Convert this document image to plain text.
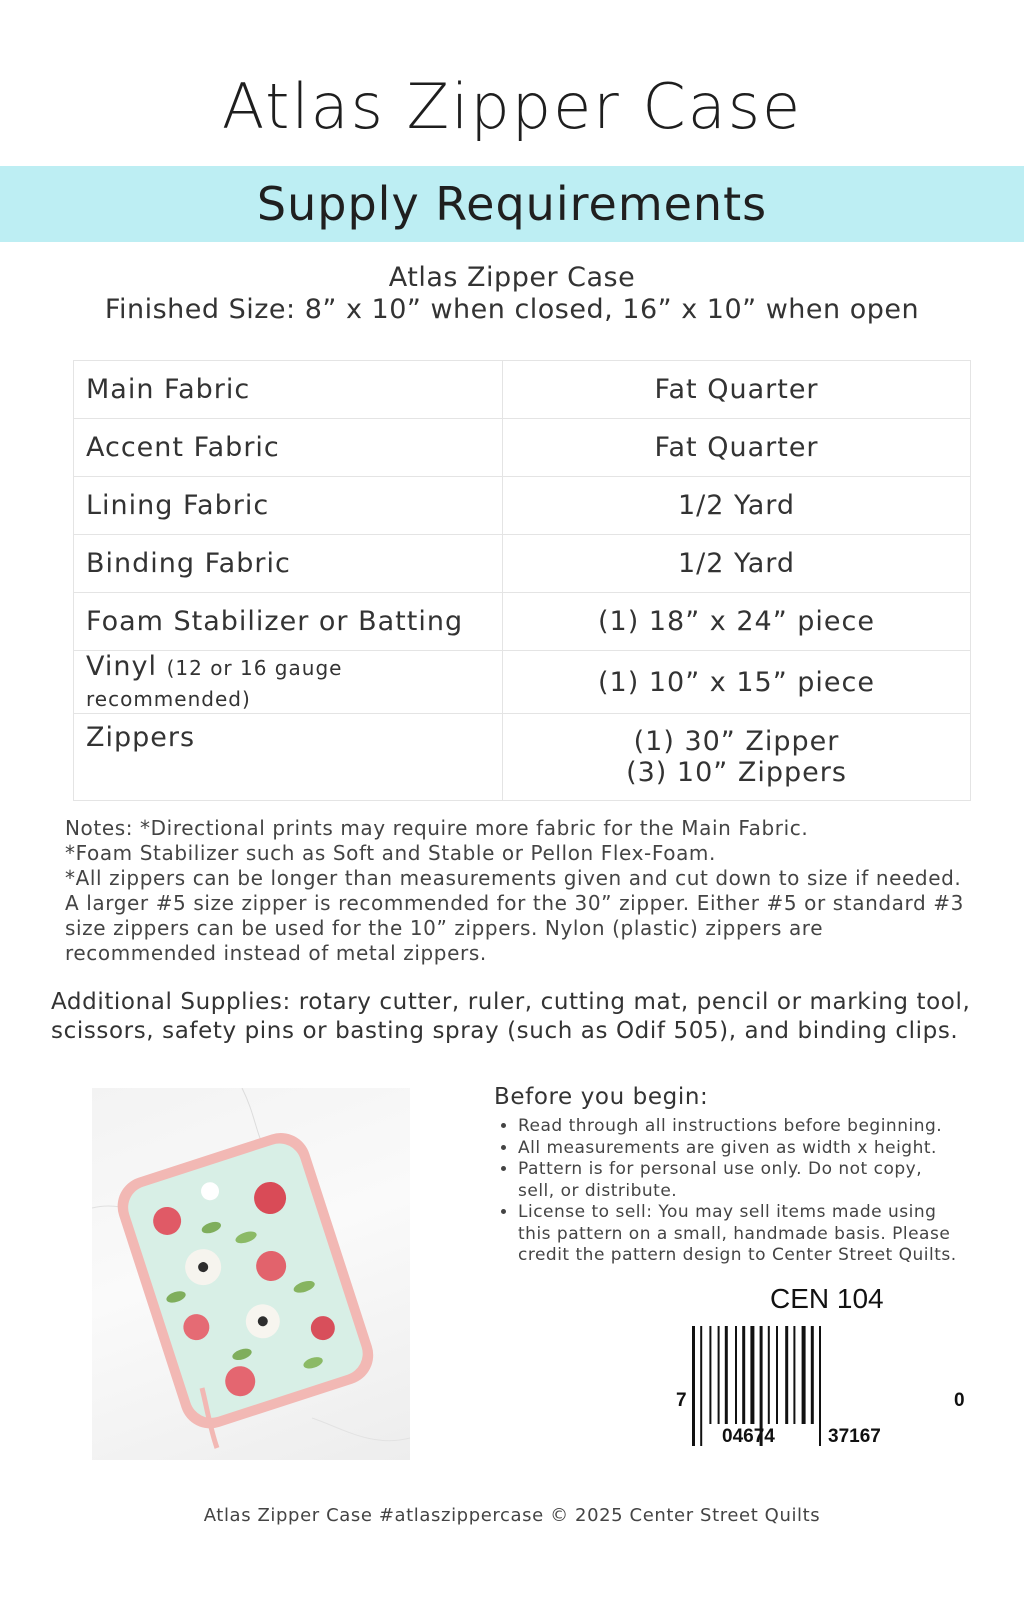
Atlas Zipper Case
Supply Requirements
Atlas Zipper Case
Finished Size: 8” x 10” when closed, 16” x 10” when open
Main Fabric	Fat Quarter
Accent Fabric	Fat Quarter
Lining Fabric	1/2 Yard
Binding Fabric	1/2 Yard
Foam Stabilizer or Batting	(1) 18” x 24” piece
Vinyl (12 or 16 gauge recommended)	(1) 10” x 15” piece
Zippers	(1) 30” Zipper
(3) 10” Zippers
Notes: *Directional prints may require more fabric for the Main Fabric.
*Foam Stabilizer such as Soft and Stable or Pellon Flex-Foam.
*All zippers can be longer than measurements given and cut down to size if needed.
A larger #5 size zipper is recommended for the 30” zipper. Either #5 or standard #3
size zippers can be used for the 10” zippers. Nylon (plastic) zippers are
recommended instead of metal zippers.
Additional Supplies: rotary cutter, ruler, cutting mat, pencil or marking tool,
scissors, safety pins or basting spray (such as Odif 505), and binding clips.
Before you begin:
• Read through all instructions before beginning.
• All measurements are given as width x height.
• Pattern is for personal use only. Do not copy, sell, or distribute.
• License to sell: You may sell items made using this pattern on a small, handmade basis. Please credit the pattern design to Center Street Quilts.
CEN 104
7
04674	37167
0
Atlas Zipper Case #atlaszippercase © 2025 Center Street Quilts
